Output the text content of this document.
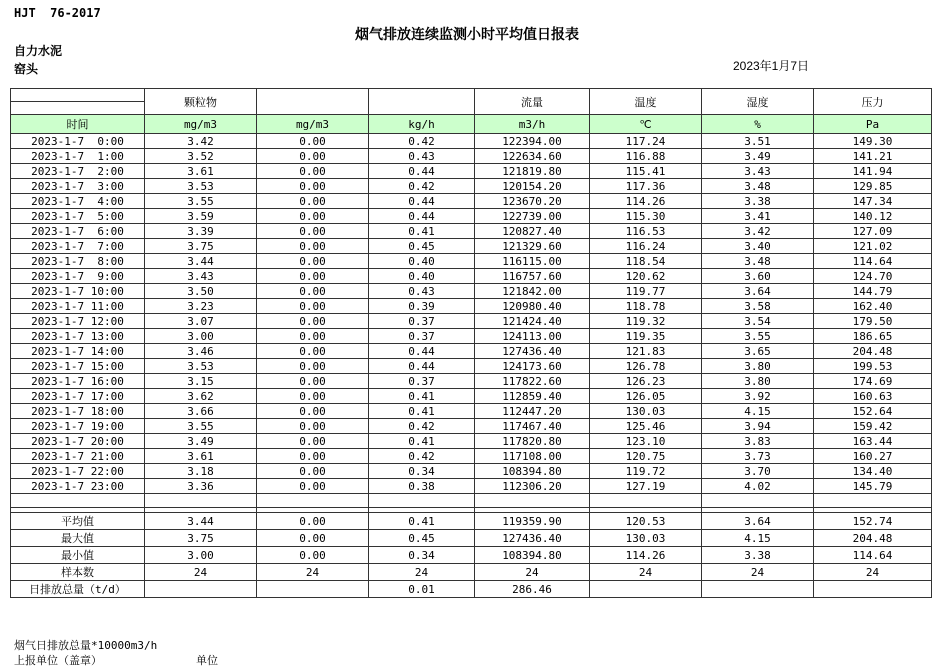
HJT  76-2017
烟气排放连续监测小时平均值日报表
自力水泥
窑头	2023年1月7日
	颗粒物			流量	温度	湿度	压力

时间	mg/m3	mg/m3	kg/h	m3/h	℃	%	Pa
2023-1-7  0:00	3.42	0.00	0.42	122394.00	117.24	3.51	149.30
2023-1-7  1:00	3.52	0.00	0.43	122634.60	116.88	3.49	141.21
2023-1-7  2:00	3.61	0.00	0.44	121819.80	115.41	3.43	141.94
2023-1-7  3:00	3.53	0.00	0.42	120154.20	117.36	3.48	129.85
2023-1-7  4:00	3.55	0.00	0.44	123670.20	114.26	3.38	147.34
2023-1-7  5:00	3.59	0.00	0.44	122739.00	115.30	3.41	140.12
2023-1-7  6:00	3.39	0.00	0.41	120827.40	116.53	3.42	127.09
2023-1-7  7:00	3.75	0.00	0.45	121329.60	116.24	3.40	121.02
2023-1-7  8:00	3.44	0.00	0.40	116115.00	118.54	3.48	114.64
2023-1-7  9:00	3.43	0.00	0.40	116757.60	120.62	3.60	124.70
2023-1-7 10:00	3.50	0.00	0.43	121842.00	119.77	3.64	144.79
2023-1-7 11:00	3.23	0.00	0.39	120980.40	118.78	3.58	162.40
2023-1-7 12:00	3.07	0.00	0.37	121424.40	119.32	3.54	179.50
2023-1-7 13:00	3.00	0.00	0.37	124113.00	119.35	3.55	186.65
2023-1-7 14:00	3.46	0.00	0.44	127436.40	121.83	3.65	204.48
2023-1-7 15:00	3.53	0.00	0.44	124173.60	126.78	3.80	199.53
2023-1-7 16:00	3.15	0.00	0.37	117822.60	126.23	3.80	174.69
2023-1-7 17:00	3.62	0.00	0.41	112859.40	126.05	3.92	160.63
2023-1-7 18:00	3.66	0.00	0.41	112447.20	130.03	4.15	152.64
2023-1-7 19:00	3.55	0.00	0.42	117467.40	125.46	3.94	159.42
2023-1-7 20:00	3.49	0.00	0.41	117820.80	123.10	3.83	163.44
2023-1-7 21:00	3.61	0.00	0.42	117108.00	120.75	3.73	160.27
2023-1-7 22:00	3.18	0.00	0.34	108394.80	119.72	3.70	134.40
2023-1-7 23:00	3.36	0.00	0.38	112306.20	127.19	4.02	145.79

平均值	3.44	0.00	0.41	119359.90	120.53	3.64	152.74
最大值	3.75	0.00	0.45	127436.40	130.03	4.15	204.48
最小值	3.00	0.00	0.34	108394.80	114.26	3.38	114.64
样本数	24	24	24	24	24	24	24
日排放总量（t/d）			0.01	286.46			
烟气日排放总量*10000m3/h
上报单位（盖章）	单位
